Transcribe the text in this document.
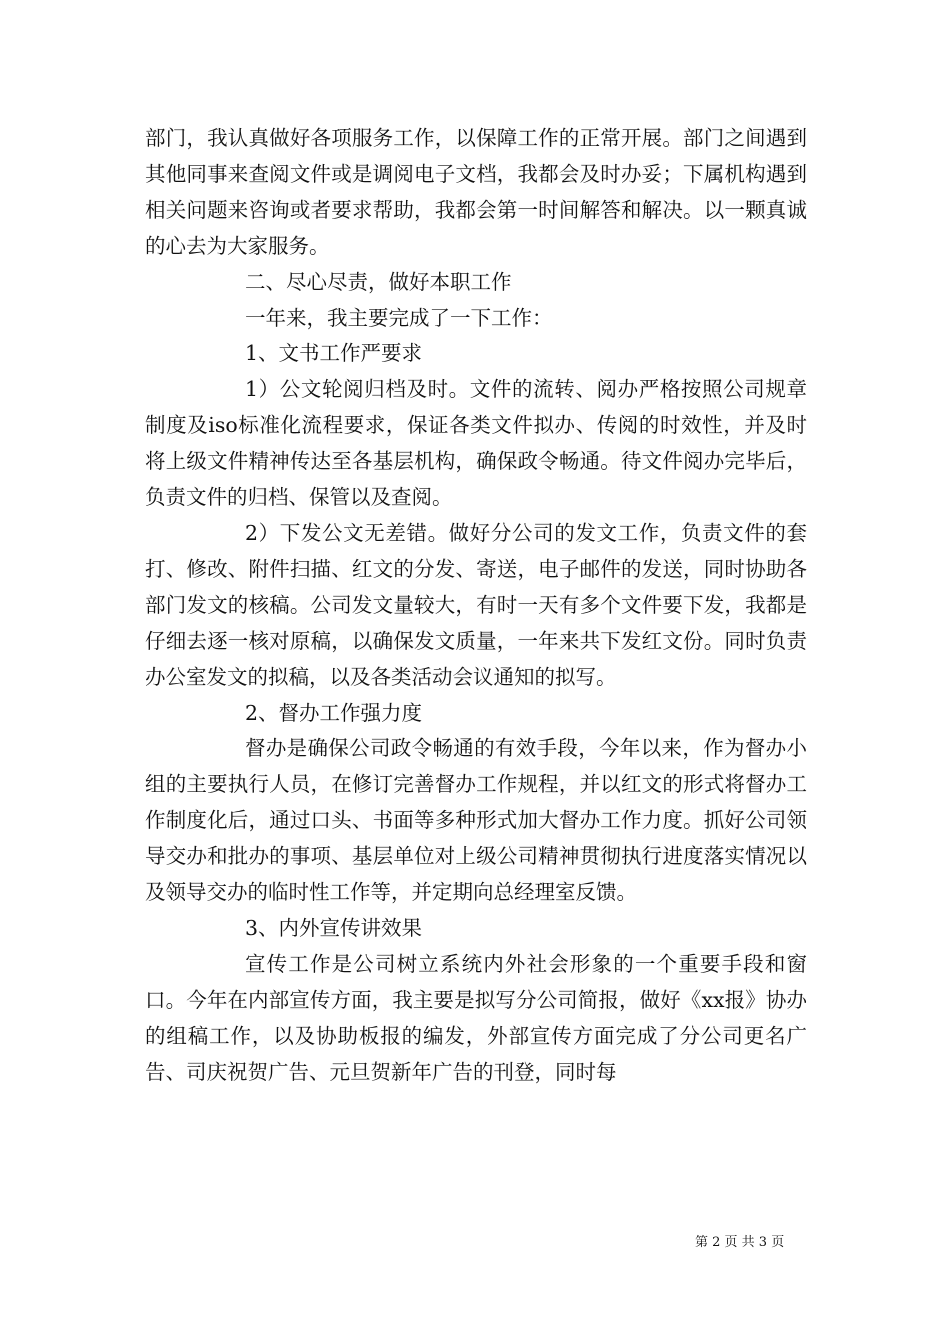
部门，我认真做好各项服务工作，以保障工作的正常开展。部门之间遇到其他同事来查阅文件或是调阅电子文档，我都会及时办妥；下属机构遇到相关问题来咨询或者要求帮助，我都会第一时间解答和解决。以一颗真诚的心去为大家服务。

二、尽心尽责，做好本职工作

一年来，我主要完成了一下工作：

1、文书工作严要求

1）公文轮阅归档及时。文件的流转、阅办严格按照公司规章制度及iso标准化流程要求，保证各类文件拟办、传阅的时效性，并及时将上级文件精神传达至各基层机构，确保政令畅通。待文件阅办完毕后，负责文件的归档、保管以及查阅。

2）下发公文无差错。做好分公司的发文工作，负责文件的套打、修改、附件扫描、红文的分发、寄送，电子邮件的发送，同时协助各部门发文的核稿。公司发文量较大，有时一天有多个文件要下发，我都是仔细去逐一核对原稿，以确保发文质量，一年来共下发红文份。同时负责办公室发文的拟稿，以及各类活动会议通知的拟写。

2、督办工作强力度

督办是确保公司政令畅通的有效手段，今年以来，作为督办小组的主要执行人员，在修订完善督办工作规程，并以红文的形式将督办工作制度化后，通过口头、书面等多种形式加大督办工作力度。抓好公司领导交办和批办的事项、基层单位对上级公司精神贯彻执行进度落实情况以及领导交办的临时性工作等，并定期向总经理室反馈。

3、内外宣传讲效果

宣传工作是公司树立系统内外社会形象的一个重要手段和窗口。今年在内部宣传方面，我主要是拟写分公司简报，做好《xx报》协办的组稿工作，以及协助板报的编发，外部宣传方面完成了分公司更名广告、司庆祝贺广告、元旦贺新年广告的刊登，同时每

第 2 页 共 3 页
